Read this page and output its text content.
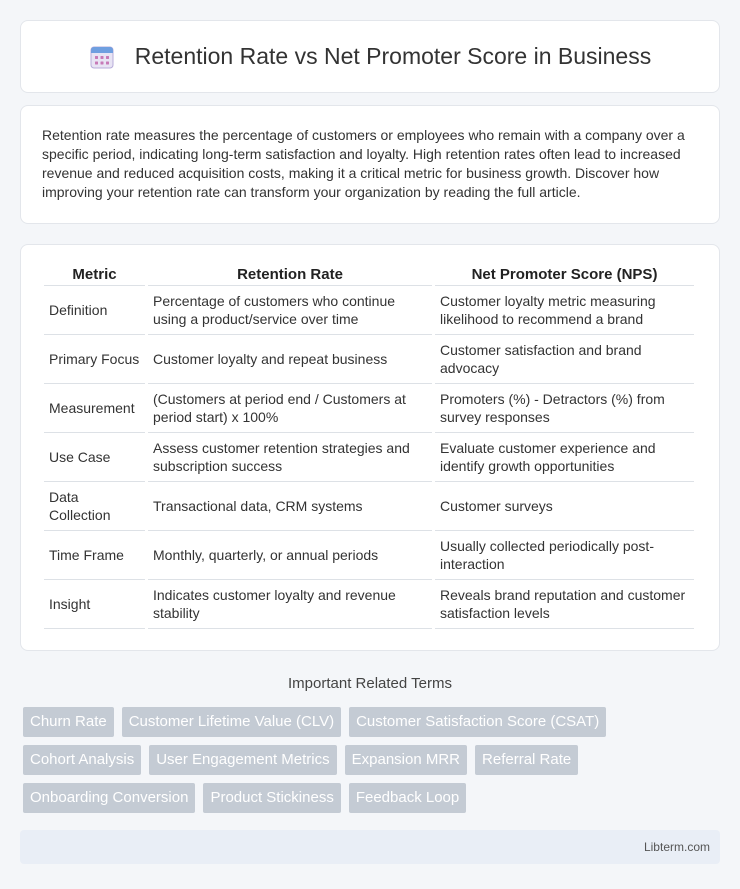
Retention Rate vs Net Promoter Score in Business
Retention rate measures the percentage of customers or employees who remain with a company over a specific period, indicating long-term satisfaction and loyalty. High retention rates often lead to increased revenue and reduced acquisition costs, making it a critical metric for business growth. Discover how improving your retention rate can transform your organization by reading the full article.
Metric	Retention Rate	Net Promoter Score (NPS)
Definition	Percentage of customers who continue using a product/service over time	Customer loyalty metric measuring likelihood to recommend a brand
Primary Focus	Customer loyalty and repeat business	Customer satisfaction and brand advocacy
Measurement	(Customers at period end / Customers at period start) x 100%	Promoters (%) - Detractors (%) from survey responses
Use Case	Assess customer retention strategies and subscription success	Evaluate customer experience and identify growth opportunities
Data Collection	Transactional data, CRM systems	Customer surveys
Time Frame	Monthly, quarterly, or annual periods	Usually collected periodically post-interaction
Insight	Indicates customer loyalty and revenue stability	Reveals brand reputation and customer satisfaction levels
Important Related Terms
Churn Rate	Customer Lifetime Value (CLV)	Customer Satisfaction Score (CSAT)
Cohort Analysis	User Engagement Metrics	Expansion MRR	Referral Rate
Onboarding Conversion	Product Stickiness	Feedback Loop
Libterm.com
